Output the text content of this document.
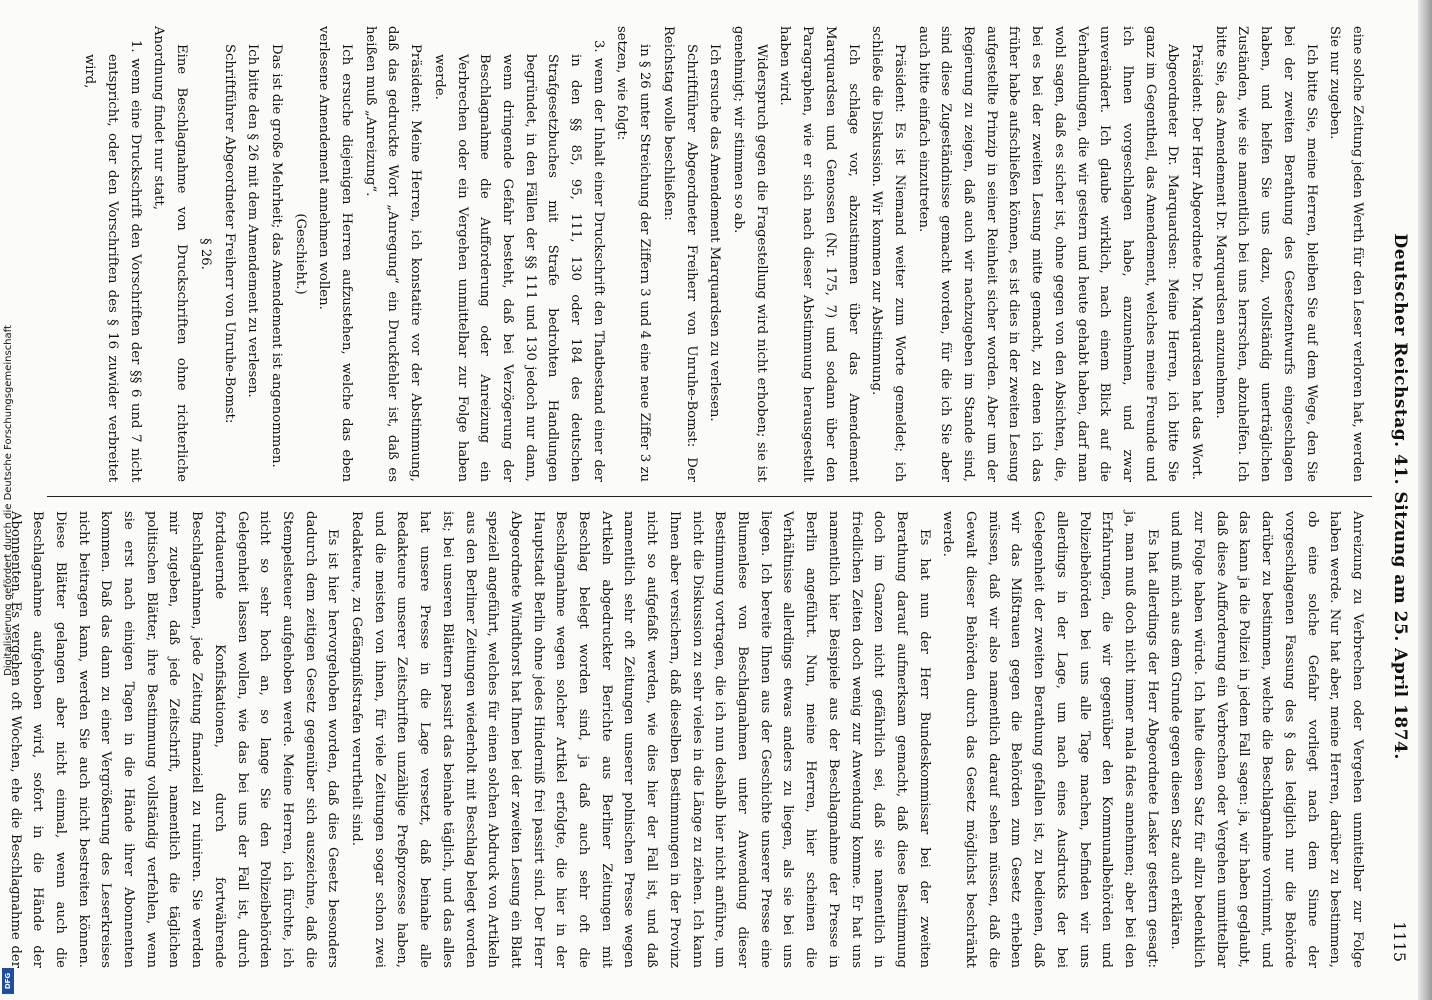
Digitalisierung gefördert durch die Deutsche Forschungsgemeinschaft
DFG
Deutscher Reichstag. 41. Sitzung am 25. April 1874.
1115

eine solche Zeitung jeden Werth für den Leser verloren hat, werden Sie nur zugeben.

Ich bitte Sie, meine Herren, bleiben Sie auf dem Wege, den Sie bei der zweiten Berathung des Gesetzentwurfs eingeschlagen haben, und helfen Sie uns dazu, vollständig unerträglichen Zuständen, wie sie namentlich bei uns herrschen, abzuhelfen. Ich bitte Sie, das Amendement Dr. Marquardsen anzunehmen.

Präsident: Der Herr Abgeordnete Dr. Marquardsen hat das Wort.

Abgeordneter Dr. Marquardsen: Meine Herren, ich bitte Sie ganz im Gegentheil, das Amendement, welches meine Freunde und ich Ihnen vorgeschlagen habe, anzunehmen, und zwar unverändert. Ich glaube wirklich, nach einem Blick auf die Verhandlungen, die wir gestern und heute gehabt haben, darf man wohl sagen, daß es sicher ist, ohne gegen von den Absichten, die, bei es bei der zweiten Lesung mitte gemacht, zu denen ich das früher habe aufschließen können, es ist dies in der zweiten Lesung aufgestellte Prinzip in seiner Reinheit sicher worden. Aber um der Regierung zu zeigen, daß auch wir nachzugeben im Stande sind, sind diese Zugeständnisse gemacht worden, für die ich Sie aber auch bitte einfach einzutreten.

Präsident: Es ist Niemand weiter zum Worte gemeldet; ich schließe die Diskussion. Wir kommen zur Abstimmung.

Ich schlage vor, abzustimmen über das Amendement Marquardsen und Genossen (Nr. 175, 7) und sodann über den Paragraphen, wie er sich nach dieser Abstimmung herausgestellt haben wird.

Widerspruch gegen die Fragestellung wird nicht erhoben; sie ist genehmigt; wir stimmen so ab.

Ich ersuche das Amendement Marquardsen zu verlesen.

Schriftführer Abgeordneter Freiherr von Unruhe-Bomst: Der Reichstag wolle beschließen:

in § 26 unter Streichung der Ziffern 3 und 4 eine neue Ziffer 3 zu setzen, wie folgt:

3. wenn der Inhalt einer Druckschrift den Thatbestand einer der in den §§ 85, 95, 111, 130 oder 184 des deutschen Strafgesetzbuches mit Strafe bedrohten Handlungen begründet, in den Fällen der §§ 111 und 130 jedoch nur dann, wenn dringende Gefahr besteht, daß bei Verzögerung der Beschlagnahme die Aufforderung oder Anreizung ein Verbrechen oder ein Vergehen unmittelbar zur Folge haben werde.

Präsident: Meine Herren, ich konstatire vor der Abstimmung, daß das gedruckte Wort „Anregung“ ein Druckfehler ist, daß es heißen muß „Anreizung“.

Ich ersuche diejenigen Herren aufzustehen, welche das eben verlesene Amendement annehmen wollen.

(Geschieht.)

Das ist die große Mehrheit; das Amendement ist angenommen.

Ich bitte den § 26 mit dem Amendement zu verlesen.

Schriftführer Abgeordneter Freiherr von Unruhe-Bomst:

§ 26.

Eine Beschlagnahme von Druckschriften ohne richterliche Anordnung findet nur statt,

1. wenn eine Druckschrift den Vorschriften der §§ 6 und 7 nicht entspricht, oder den Vorschriften des § 16 zuwider verbreitet wird,

Anreizung zu Verbrechen oder Vergehen unmittelbar zur Folge haben werde. Nur hat aber, meine Herren, darüber zu bestimmen, ob eine solche Gefahr vorliegt nach dem Sinne der vorgeschlagenen Fassung des § das lediglich nur die Behörde darüber zu bestimmen, welche die Beschlagnahme vornimmt, und das kann ja die Polizei in jedem Fall sagen: ja, wir haben geglaubt, daß diese Aufforderung ein Verbrechen oder Vergehen unmittelbar zur Folge haben würde. Ich halte diesen Satz für allzu bedenklich und muß mich aus dem Grunde gegen diesen Satz auch erklären.

Es hat allerdings der Herr Abgeordnete Lasker gestern gesagt: ja, man muß doch nicht immer mala fides annehmen; aber bei den Erfahrungen, die wir gegenüber den Kommunalbehörden und Polizeibehörden bei uns alle Tage machen, befinden wir uns allerdings in der Lage, um nach eines Ausdrucks der bei Gelegenheit der zweiten Berathung gefallen ist, zu bedienen, daß wir das Mißtrauen gegen die Behörden zum Gesetz erheben müssen, daß wir also namentlich darauf sehen müssen, daß die Gewalt dieser Behörden durch das Gesetz möglichst beschränkt werde.

Es hat nun der Herr Bundeskommissar bei der zweiten Berathung darauf aufmerksam gemacht, daß diese Bestimmung doch im Ganzen nicht gefährlich sei, daß sie namentlich in friedlichen Zeiten doch wenig zur Anwendung komme. Er hat uns namentlich hier Beispiele aus der Beschlagnahme der Presse in Berlin angeführt. Nun, meine Herren, hier scheinen die Verhältnisse allerdings etwas anders zu liegen, als sie bei uns liegen. Ich bereite Ihnen aus der Geschichte unserer Presse eine Blumenlese von Beschlagnahmen unter Anwendung dieser Bestimmung vortragen, die ich nun deshalb hier nicht anführe, um nicht die Diskussion zu sehr vieles in die Länge zu ziehen. Ich kann Ihnen aber versichern, daß dieselben Bestimmungen in der Provinz nicht so aufgefaßt werden, wie dies hier der Fall ist, und daß namentlich sehr oft Zeitungen unserer polnischen Presse wegen Artikeln abgedruckter Berichte aus Berliner Zeitungen mit Beschlag belegt worden sind, ja daß auch sehr oft die Beschlagnahme wegen solcher Artikel erfolgte, die hier in der Hauptstadt Berlin ohne jedes Hinderniß frei passirt sind. Der Herr Abgeordnete Windthorst hat Ihnen bei der zweiten Lesung ein Blatt speziell angeführt, welches für einen solchen Abdruck von Artikeln aus den Berliner Zeitungen wiederholt mit Beschlag belegt worden ist; bei unseren Blättern passirt das beinahe täglich, und das alles hat unsere Presse in die Lage versetzt, daß beinahe alle Redakteure unserer Zeitschriften unzählige Preßprozesse haben, und die meisten von ihnen, für viele Zeitungen sogar schon zwei Redakteure, zu Gefängnißstrafen verurtheilt sind.

Es ist hier hervorgehoben worden, daß dies Gesetz besonders dadurch dem zeitigen Gesetz gegenüber sich auszeichne, daß die Stempelsteuer aufgehoben werde. Meine Herren, ich fürchte, ich nicht so sehr hoch an, so lange Sie den Polizeibehörden Gelegenheit lassen wollen, wie das bei uns der Fall ist, durch fortdauernde Konfiskationen, durch fortwährende Beschlagnahmen, jede Zeitung finanziell zu ruiniren. Sie werden mir zugeben, daß jede Zeitschrift, namentlich die täglichen politischen Blätter, ihre Bestimmung vollständig verfehlen, wenn sie erst nach einigen Tagen in die Hände ihrer Abonnenten kommen. Daß das dann zu einer Vergrößerung des Leserkreises nicht beitragen kann, werden Sie auch nicht bestreiten können. Diese Blätter gelangen aber nicht einmal, wenn auch die Beschlagnahme aufgehoben wird, sofort in die Hände der Abonnenten. Es vergehen oft Wochen, ehe die Beschlagnahme der
